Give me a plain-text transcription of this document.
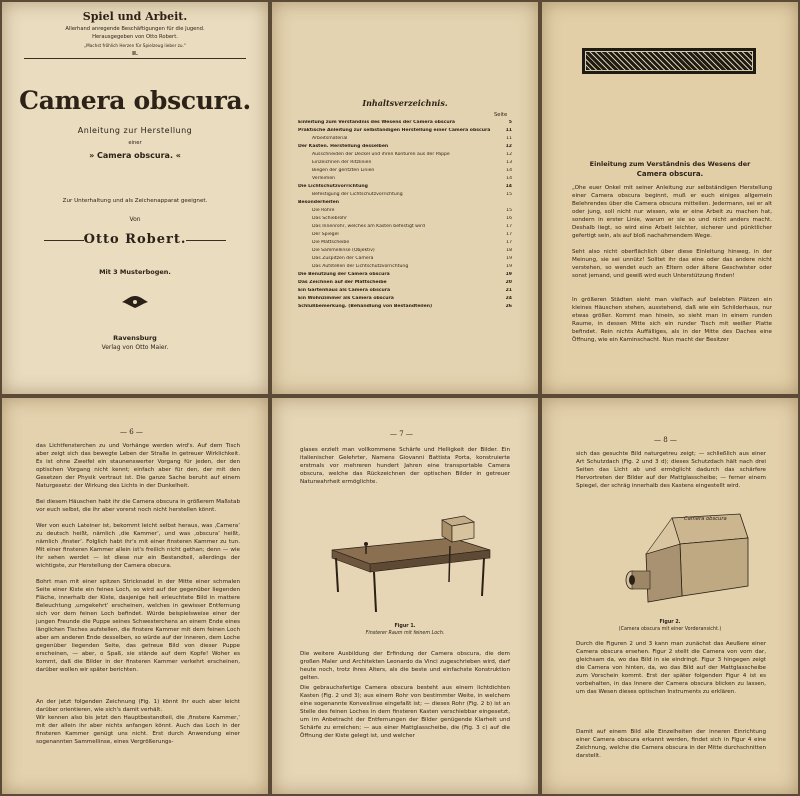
Spiel und Arbeit.
Allerhand anregende Beschäftigungen für die Jugend.
Herausgegeben von Otto Robert.
„Machst fröhlich Herzen für Spielzeug lieber zu.“
II.
Camera obscura.
Anleitung zur Herstellung
einer
» Camera obscura. «
Zur Unterhaltung und als Zeichenapparat geeignet.
Von
Otto Robert.
Mit 3 Musterbogen.
Ravensburg
Verlag von Otto Maier.
Inhaltsverzeichnis.
Seite
Einleitung zum Verständnis des Wesens der Camera obscura	5
Praktische Anleitung zur selbständigen Herstellung einer Camera obscura	11
Arbeitsmaterial	11
Der Kasten. Herstellung desselben	12
Ausschneiden der Deckel und ihren Konturen aus der Pappe	12
Einzeichnen der Ritzlinien	13
Biegen der geritzten Linien	14
Verleimen	14
Die Lichtschutzvorrichtung	14
Befestigung der Lichtschutzvorrichtung	15
Besonderheiten
Die Röhre	15
Das Schiebrohr	16
Das Innenrohr, welches am Kasten befestigt wird	17
Der Spiegel	17
Die Mattscheibe	17
Die Sammellinse (Objektiv)	18
Das Zuspitzen der Camera	19
Das Aufstellen der Lichtschutzvorrichtung	19
Die Benützung der Camera obscura	19
Das Zeichnen auf der Mattscheibe	20
Ein Gartenhaus als Camera obscura	21
Ein Wohnzimmer als Camera obscura	24
Schlußbemerkung. (Behandlung von Bestandteilen)	26
Einleitung zum Verständnis des Wesens der
Camera obscura.
„Ohe euer Onkel mit seiner Anleitung zur selbständigen Herstellung einer Camera obscura beginnt, muß er euch einiges allgemein Belehrendes über die Camera obscura mitteilen. Jedermann, sei er alt oder jung, soll nicht nur wissen, wie er eine Arbeit zu machen hat, sondern in erster Linie, warum er sie so und nicht anders macht. Deshalb liegt, so wird eine Arbeit leichter, sicherer und pünktlicher gefertigt sein, als auf bloß nachahmendem Wege.
Seht also nicht oberflächlich über diese Einleitung hinweg, in der Meinung, sie sei unnütz! Solltet ihr das eine oder das andere nicht verstehen, so wendet euch an Eltern oder ältere Geschwister oder sonst jemand, und gewiß wird euch Unterstützung finden!
In größeren Städten sieht man vielfach auf belebten Plätzen ein kleines Häuschen stehen, ausstehend, daß wie ein Schilderhaus, nur etwas größer. Kommt man hinein, so sieht man in einem runden Raume, in dessen Mitte sich ein runder Tisch mit weißer Platte befindet. Rein nichts Auffälliges, als in der Mitte des Daches eine Öffnung, wie ein Kaminschacht. Nun macht der Besitzer
— 6 —
das Lichtfensterchen zu und Vorhänge werden wird's. Auf dem Tisch aber zeigt sich das bewegte Leben der Straße in getreuer Wirklichkeit. Es ist ohne Zweifel ein staunenswerter Vorgang für jeden, der den optischen Vorgang nicht kennt; einfach aber für den, der mit den Gesetzen der Physik vertraut ist. Die ganze Sache beruht auf einem Naturgesetz: der Wirkung des Lichts in der Dunkelheit.
Bei diesem Häuschen habt ihr die Camera obscura in größerem Maßstab vor euch selbst, die ihr aber vorerst noch nicht herstellen könnt.
Wer von euch Lateiner ist, bekommt leicht selbst heraus, was ‚Camera‘ zu deutsch heißt, nämlich ‚die Kammer‘, und was ‚obscura‘ heißt, nämlich ‚finster‘. Folglich habt ihr's mit einer finsteren Kammer zu tun. Mit einer finsteren Kammer allein ist's freilich nicht gethan; denn — wie ihr sehen werdet — ist diese nur ein Bestandteil, allerdings der wichtigste, zur Herstellung der Camera obscura.
Bohrt man mit einer spitzen Stricknadel in der Mitte einer schmalen Seite einer Kiste ein feines Loch, so wird auf der gegenüber liegenden Fläche, innerhalb der Kiste, dasjenige hell erleuchtete Bild in mattere Beleuchtung ‚umgekehrt‘ erscheinen, welches in gewisser Entfernung sich vor dem feinen Loch befindet. Würde beispielsweise einer der jungen Freunde die Puppe seines Schwesterchens an einem Ende eines länglichen Tisches aufstellen, die finstere Kammer mit dem feinen Loch aber am anderen Ende desselben, so würde auf der inneren, dem Loche gegenüber liegenden Seite, das getreue Bild von dieser Puppe erscheinen, — aber, o Spaß, sie stände auf dem Kopfe! Woher es kommt, daß die Bilder in der finsteren Kammer verkehrt erscheinen, darüber wollen wir später berichten.
An der jetzt folgenden Zeichnung (Fig. 1) könnt ihr euch aber leicht darüber orientieren, wie sich's damit verhält.
Wir kennen also bis jetzt den Hauptbestandteil, die ‚finstere Kammer,‘ mit der allein ihr aber nichts anfangen könnt. Auch das Loch in der finsteren Kammer genügt uns nicht. Erst durch Anwendung einer sogenannten Sammellinse, eines Vergrößerungs-
— 7 —
glases erzielt man vollkommene Schärfe und Helligkeit der Bilder. Ein italienischer Gelehrter, Namens Giovanni Battista Porta, konstruierte erstmals vor mehreren hundert Jahren eine transportable Camera obscura, welche das Rückzeichnen der optischen Bilder in getreuer Naturwahrheit ermöglichte.
Figur 1.
Finsterer Raum mit feinem Loch.
Die weitere Ausbildung der Erfindung der Camera obscura, die dem großen Maler und Architekten Leonardo da Vinci zugeschrieben wird, darf heute noch, trotz ihres Alters, als die beste und einfachste Konstruktion gelten.
Die gebrauchsfertige Camera obscura besteht aus einem lichtdichten Kasten (Fig. 2 und 3); aus einem Rohr von bestimmter Weite, in welchem eine sogenannte Konvexlinse eingefaßt ist; — dieses Rohr (Fig. 2 b) ist an Stelle des feinen Loches in dem finsteren Kasten verschiebbar eingesetzt, um im Anbetracht der Entfernungen der Bilder genügende Klarheit und Schärfe zu erreichen; — aus einer Mattglasscheibe, die (Fig. 3 c) auf die Öffnung der Kiste gelegt ist, und welcher
— 8 —
sich das gesuchte Bild naturgetreu zeigt; — schließlich aus einer Art Schutzdach (Fig. 2 und 3 d); dieses Schutzdach hält nach drei Seiten das Licht ab und ermöglicht dadurch das schärfere Hervortreten der Bilder auf der Mattglasscheibe; — ferner einem Spiegel, der schräg innerhalb des Kastens eingestellt wird.
Camera obscura
Figur 2.
(Camera obscura mit einer Vorderansicht.)
Durch die Figuren 2 und 3 kann man zunächst das Aeußere einer Camera obscura ersehen. Figur 2 stellt die Camera von vorn dar, gleichsam da, wo das Bild in sie eindringt. Figur 3 hingegen zeigt die Camera von hinten, da, wo das Bild auf der Mattglasscheibe zum Vorschein kommt. Erst der später folgenden Figur 4 ist es vorbehalten, in das Innere der Camera obscura blicken zu lassen, um das Wesen dieses optischen Instruments zu erklären.
Damit auf einem Bild alle Einzelheiten der inneren Einrichtung einer Camera obscura erkannt werden, findet sich in Figur 4 eine Zeichnung, welche die Camera obscura in der Mitte durchschnitten darstellt.
